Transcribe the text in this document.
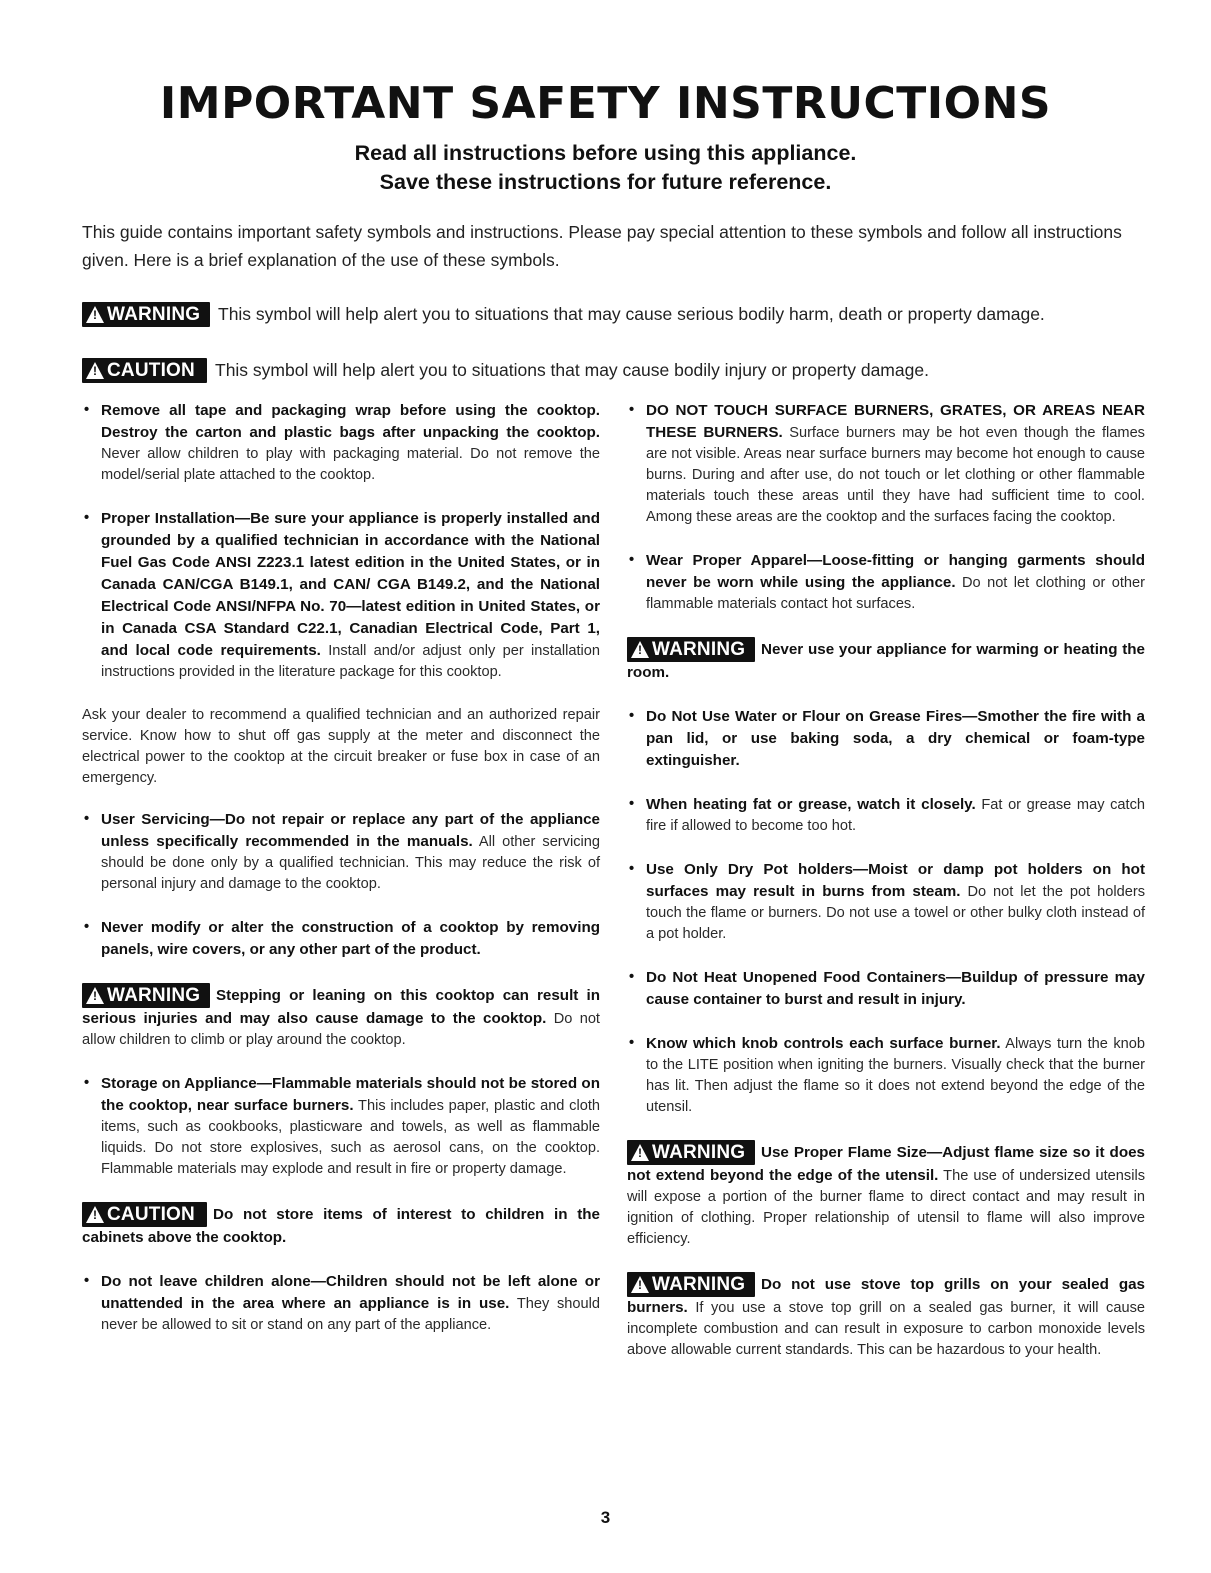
IMPORTANT SAFETY INSTRUCTIONS
Read all instructions before using this appliance.
Save these instructions for future reference.

This guide contains important safety symbols and instructions. Please pay special attention to these symbols and follow all instructions given. Here is a brief explanation of the use of these symbols.

!
WARNING This symbol will help alert you to situations that may cause serious bodily harm, death or property damage.
!
CAUTION This symbol will help alert you to situations that may cause bodily injury or property damage.
• Remove all tape and packaging wrap before using the cooktop. Destroy the carton and plastic bags after unpacking the cooktop. Never allow children to play with packaging material. Do not remove the model/serial plate attached to the cooktop.
• Proper Installation—Be sure your appliance is properly installed and grounded by a qualified technician in accordance with the National Fuel Gas Code ANSI Z223.1 latest edition in the United States, or in Canada CAN/CGA B149.1, and CAN/ CGA B149.2, and the National Electrical Code ANSI/NFPA No. 70—latest edition in United States, or in Canada CSA Standard C22.1, Canadian Electrical Code, Part 1, and local code requirements. Install and/or adjust only per installation instructions provided in the literature package for this cooktop.

Ask your dealer to recommend a qualified technician and an authorized repair service. Know how to shut off gas supply at the meter and disconnect the electrical power to the cooktop at the circuit breaker or fuse box in case of an emergency.

• User Servicing—Do not repair or replace any part of the appliance unless specifically recommended in the manuals. All other servicing should be done only by a qualified technician. This may reduce the risk of personal injury and damage to the cooktop.
• Never modify or alter the construction of a cooktop by removing panels, wire covers, or any other part of the product.
!
WARNING Stepping or leaning on this cooktop can result in serious injuries and may also cause damage to the cooktop. Do not allow children to climb or play around the cooktop.
• Storage on Appliance—Flammable materials should not be stored on the cooktop, near surface burners. This includes paper, plastic and cloth items, such as cookbooks, plasticware and towels, as well as flammable liquids. Do not store explosives, such as aerosol cans, on the cooktop. Flammable materials may explode and result in fire or property damage.
!
CAUTION Do not store items of interest to children in the cabinets above the cooktop.
• Do not leave children alone—Children should not be left alone or unattended in the area where an appliance is in use. They should never be allowed to sit or stand on any part of the appliance.
• DO NOT TOUCH SURFACE BURNERS, GRATES, OR AREAS NEAR THESE BURNERS. Surface burners may be hot even though the flames are not visible. Areas near surface burners may become hot enough to cause burns. During and after use, do not touch or let clothing or other flammable materials touch these areas until they have had sufficient time to cool. Among these areas are the cooktop and the surfaces facing the cooktop.
• Wear Proper Apparel—Loose-fitting or hanging garments should never be worn while using the appliance. Do not let clothing or other flammable materials contact hot surfaces.
!
WARNING Never use your appliance for warming or heating the room.
• Do Not Use Water or Flour on Grease Fires—Smother the fire with a pan lid, or use baking soda, a dry chemical or foam-type extinguisher.
• When heating fat or grease, watch it closely. Fat or grease may catch fire if allowed to become too hot.
• Use Only Dry Pot holders—Moist or damp pot holders on hot surfaces may result in burns from steam. Do not let the pot holders touch the flame or burners. Do not use a towel or other bulky cloth instead of a pot holder.
• Do Not Heat Unopened Food Containers—Buildup of pressure may cause container to burst and result in injury.
• Know which knob controls each surface burner. Always turn the knob to the LITE position when igniting the burners. Visually check that the burner has lit. Then adjust the flame so it does not extend beyond the edge of the utensil.
!
WARNING Use Proper Flame Size—Adjust flame size so it does not extend beyond the edge of the utensil. The use of undersized utensils will expose a portion of the burner flame to direct contact and may result in ignition of clothing. Proper relationship of utensil to flame will also improve efficiency.
!
WARNING Do not use stove top grills on your sealed gas burners. If you use a stove top grill on a sealed gas burner, it will cause incomplete combustion and can result in exposure to carbon monoxide levels above allowable current standards. This can be hazardous to your health.
3
